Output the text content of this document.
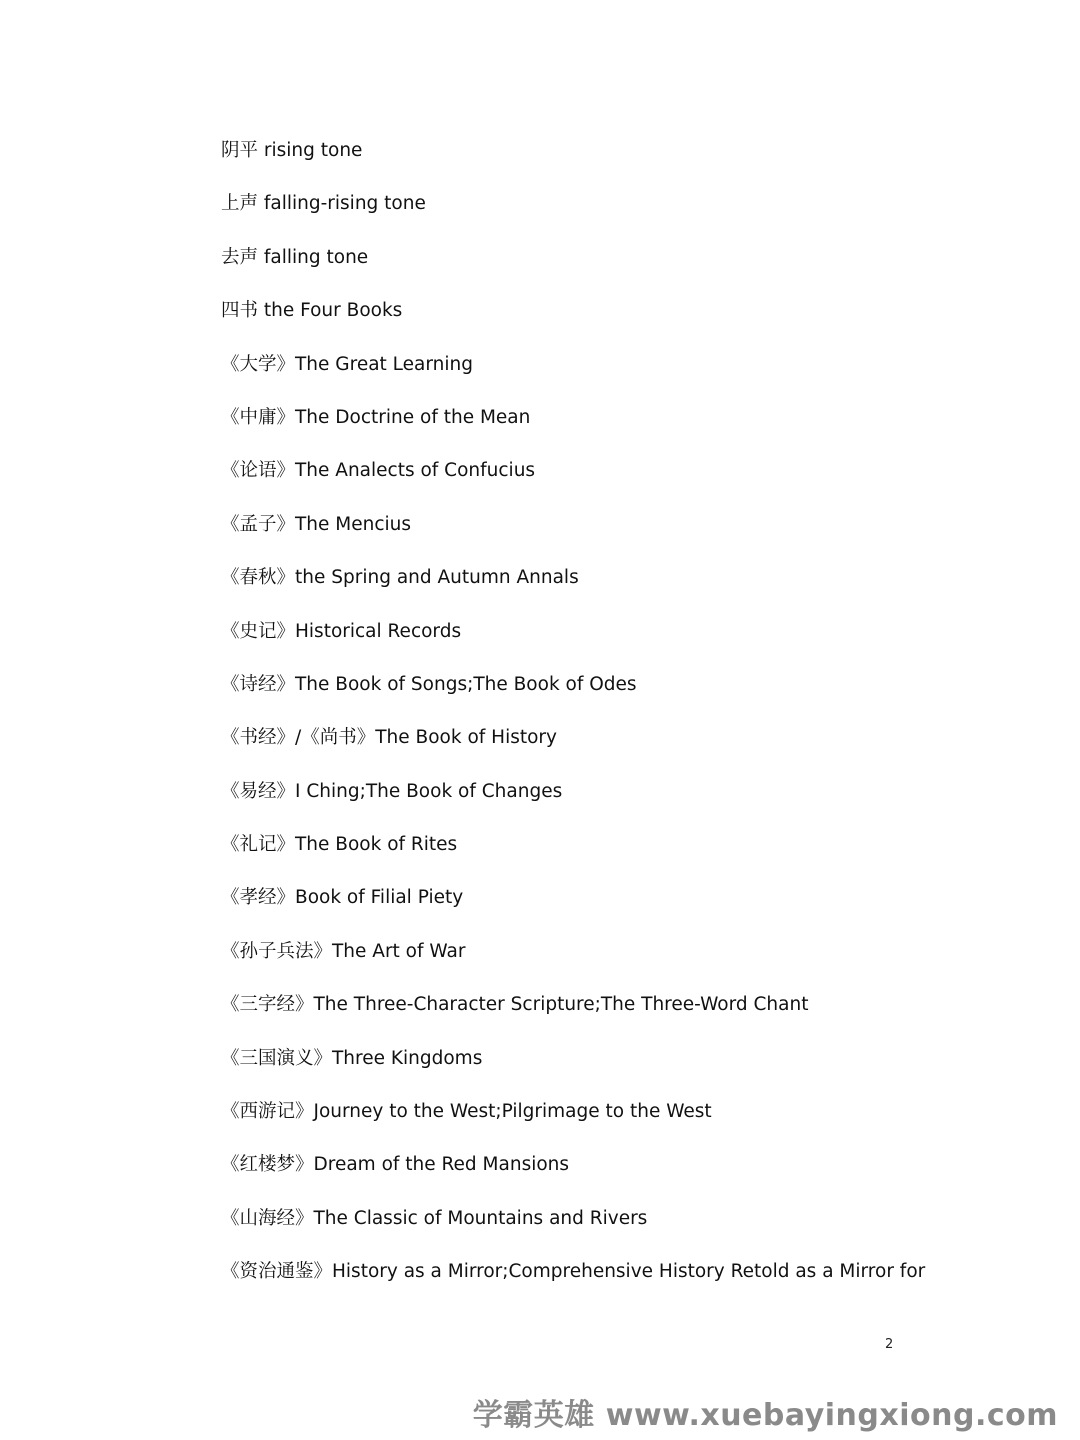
阴平 rising tone
上声 falling-rising tone
去声 falling tone
四书 the Four Books
《大学》The Great Learning
《中庸》The Doctrine of the Mean
《论语》The Analects of Confucius
《孟子》The Mencius
《春秋》the Spring and Autumn Annals
《史记》Historical Records
《诗经》The Book of Songs;The Book of Odes
《书经》/《尚书》The Book of History
《易经》I Ching;The Book of Changes
《礼记》The Book of Rites
《孝经》Book of Filial Piety
《孙子兵法》The Art of War
《三字经》The Three-Character Scripture;The Three-Word Chant
《三国演义》Three Kingdoms
《西游记》Journey to the West;Pilgrimage to the West
《红楼梦》Dream of the Red Mansions
《山海经》The Classic of Mountains and Rivers
《资治通鉴》History as a Mirror;Comprehensive History Retold as a Mirror for
2
学霸英雄 www.xuebayingxiong.com
